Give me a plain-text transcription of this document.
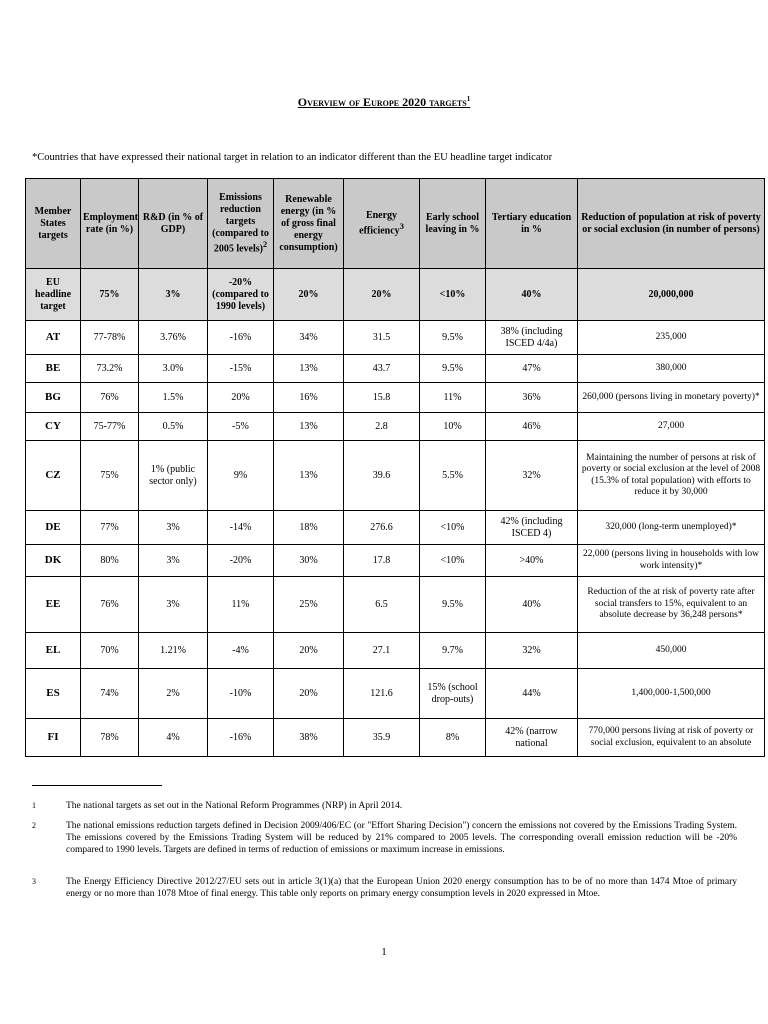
Overview of Europe 2020 targets$^1$
*Countries that have expressed their national target in relation to an indicator different than the EU headline target indicator
Member States targets	Employment rate (in %)	R&D (in % of GDP)	Emissions reduction targets (compared to 2005 levels)$^2$	Renewable energy (in % of gross final energy consumption)	Energy efficiency$^3$	Early school leaving in %	Tertiary education in %	Reduction of population at risk of poverty or social exclusion (in number of persons)
EU headline target	75%	3%	-20% (compared to 1990 levels)	20%	20%	<10%	40%	20,000,000
AT	77-78%	3.76%	-16%	34%	31.5	9.5%	38% (including ISCED 4/4a)	235,000
BE	73.2%	3.0%	-15%	13%	43.7	9.5%	47%	380,000
BG	76%	1.5%	20%	16%	15.8	11%	36%	260,000 (persons living in monetary poverty)*
CY	75-77%	0.5%	-5%	13%	2.8	10%	46%	27,000
CZ	75%	1% (public sector only)	9%	13%	39.6	5.5%	32%	Maintaining the number of persons at risk of poverty or social exclusion at the level of 2008 (15.3% of total population) with efforts to reduce it by 30,000
DE	77%	3%	-14%	18%	276.6	<10%	42% (including ISCED 4)	320,000 (long-term unemployed)*
DK	80%	3%	-20%	30%	17.8	<10%	>40%	22,000 (persons living in households with low work intensity)*
EE	76%	3%	11%	25%	6.5	9.5%	40%	Reduction of the at risk of poverty rate after social transfers to 15%, equivalent to an absolute decrease by 36,248 persons*
EL	70%	1.21%	-4%	20%	27.1	9.7%	32%	450,000
ES	74%	2%	-10%	20%	121.6	15% (school drop-outs)	44%	1,400,000-1,500,000
FI	78%	4%	-16%	38%	35.9	8%	42% (narrow national	770,000 persons living at risk of poverty or social exclusion, equivalent to an absolute
1	The national targets as set out in the National Reform Programmes (NRP) in April 2014.
2	The national emissions reduction targets defined in Decision 2009/406/EC (or "Effort Sharing Decision") concern the emissions not covered by the Emissions Trading System. The emissions covered by the Emissions Trading System will be reduced by 21% compared to 2005 levels. The corresponding overall emission reduction will be -20% compared to 1990 levels. Targets are defined in terms of reduction of emissions or maximum increase in emissions.
3	The Energy Efficiency Directive 2012/27/EU sets out in article 3(1)(a) that the European Union 2020 energy consumption has to be of no more than 1474 Mtoe of primary energy or no more than 1078 Mtoe of final energy. This table only reports on primary energy consumption levels in 2020 expressed in Mtoe.
1
